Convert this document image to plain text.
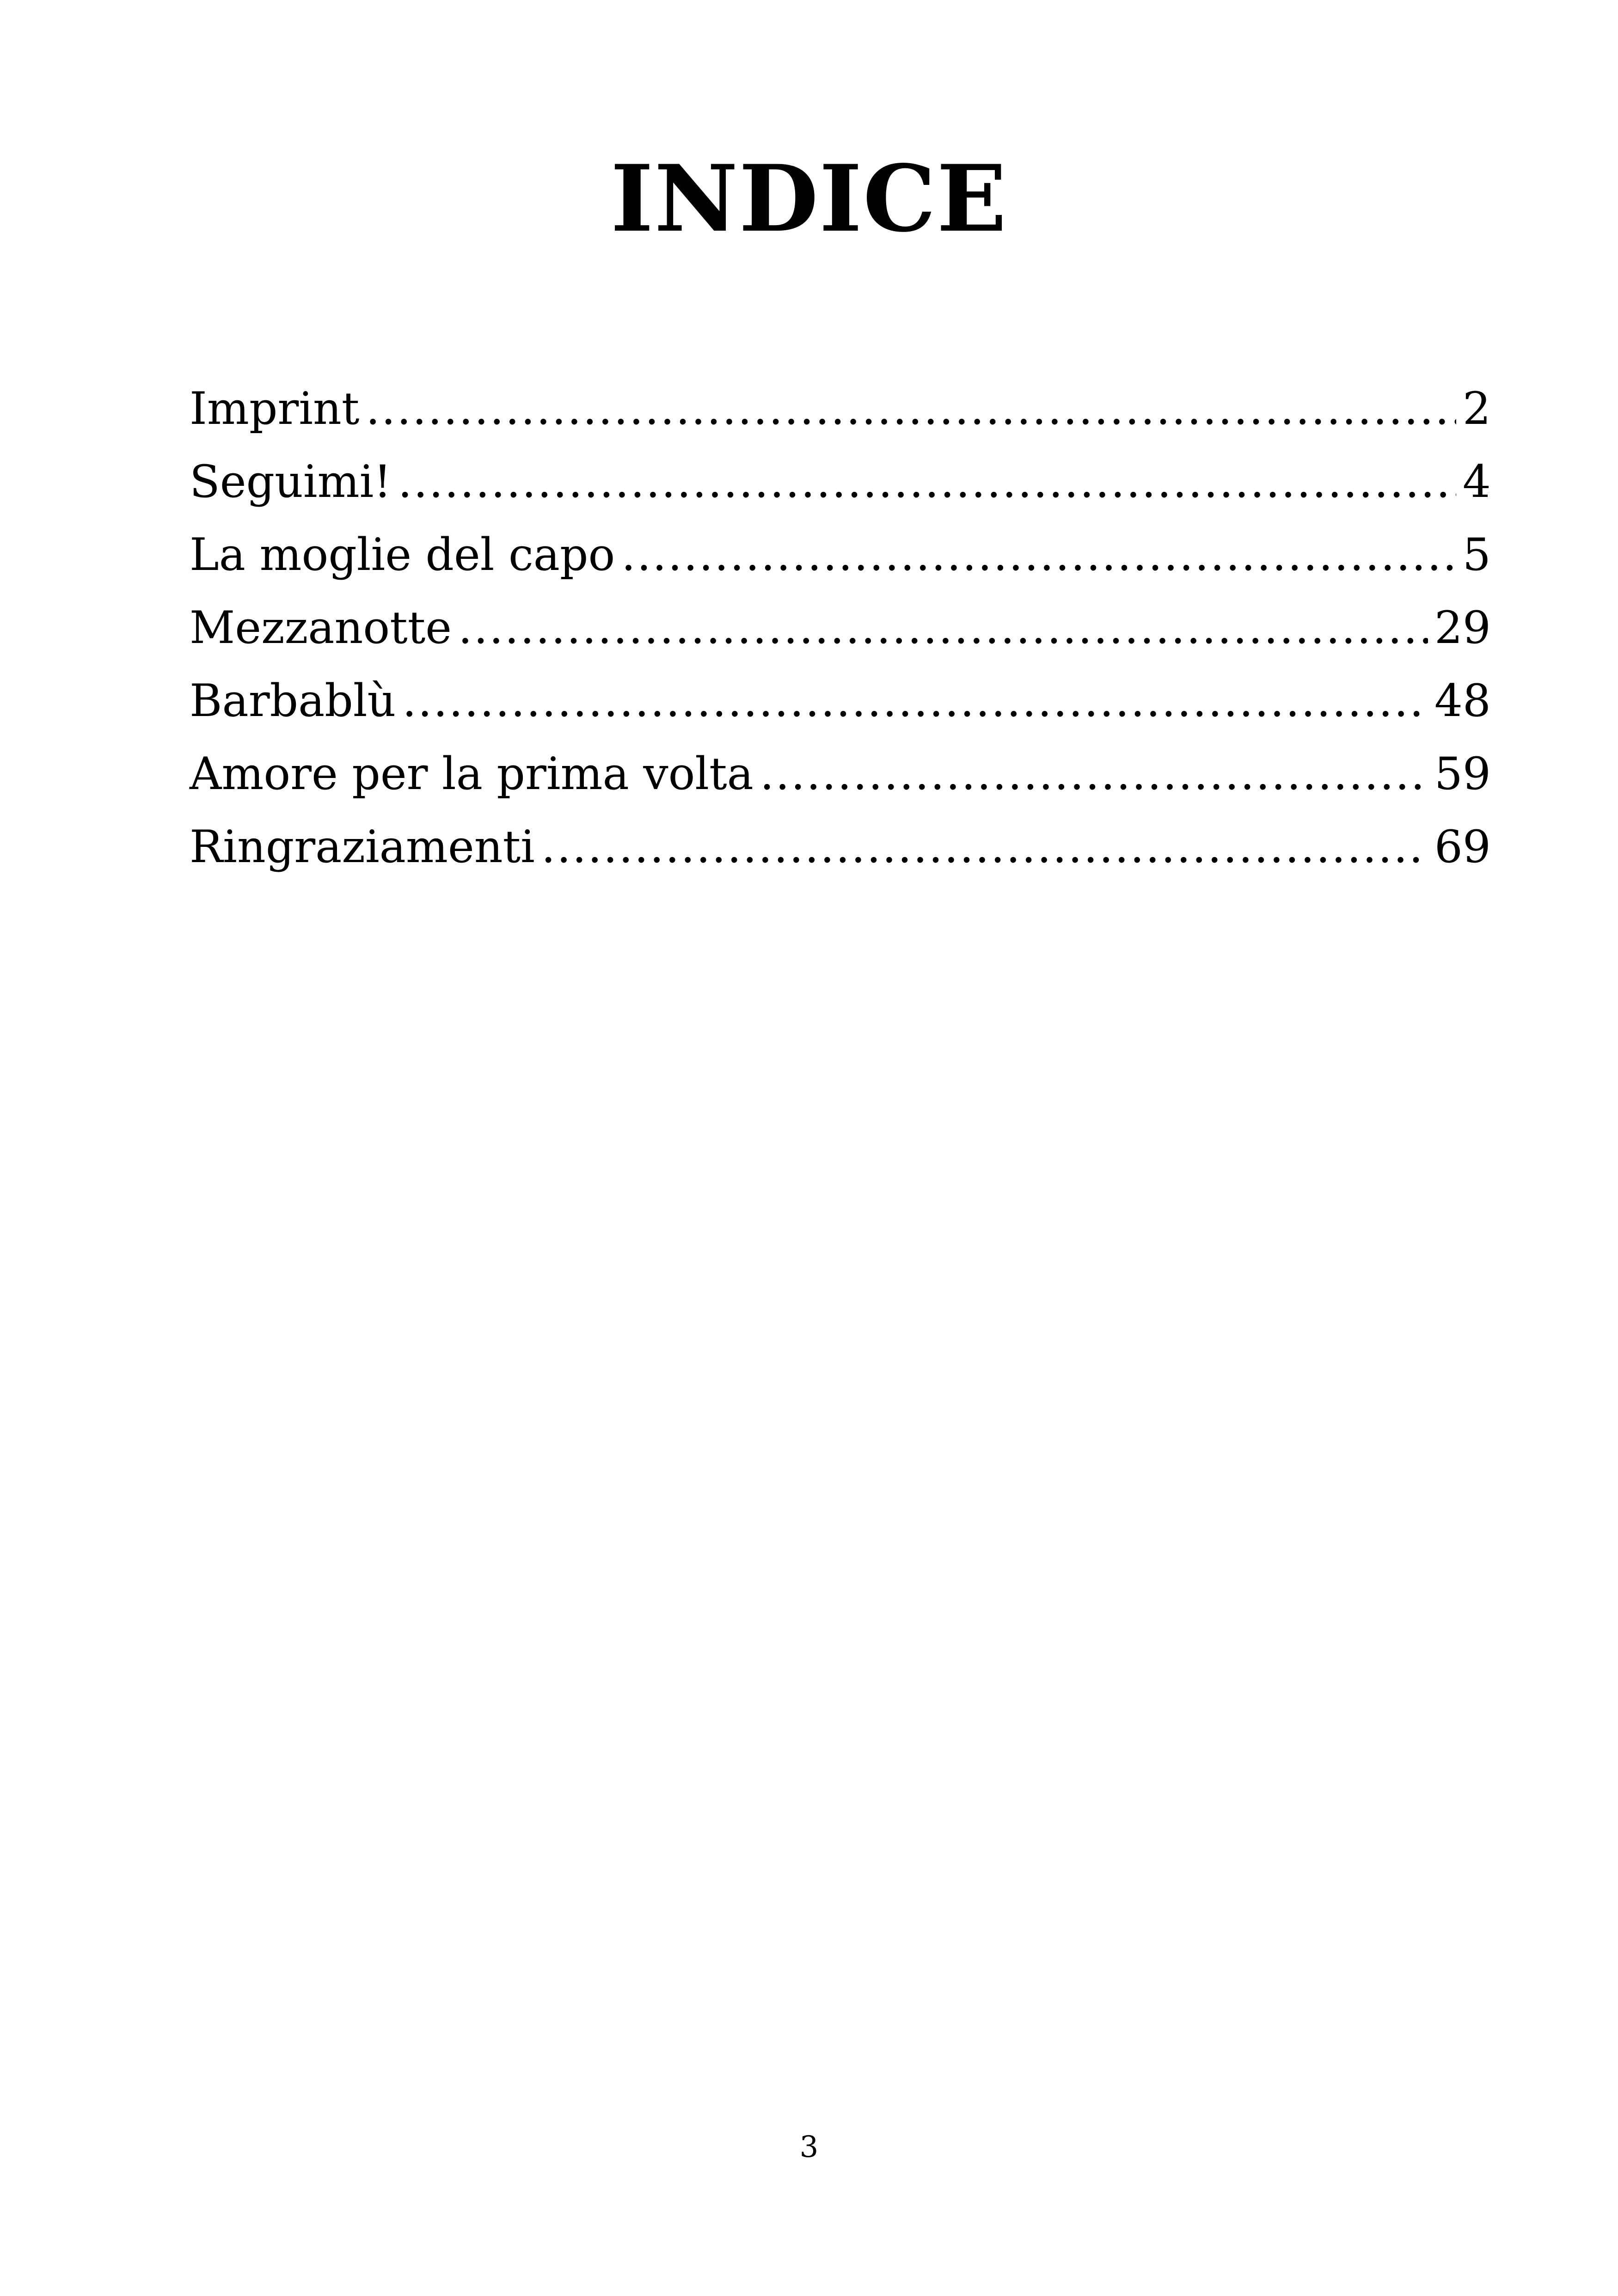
INDICE
Imprint .....	2
Seguimi! .....	4
La moglie del capo .....	5
Mezzanotte .....	29
Barbablù .....	48
Amore per la prima volta .....	59
Ringraziamenti .....	69
3
